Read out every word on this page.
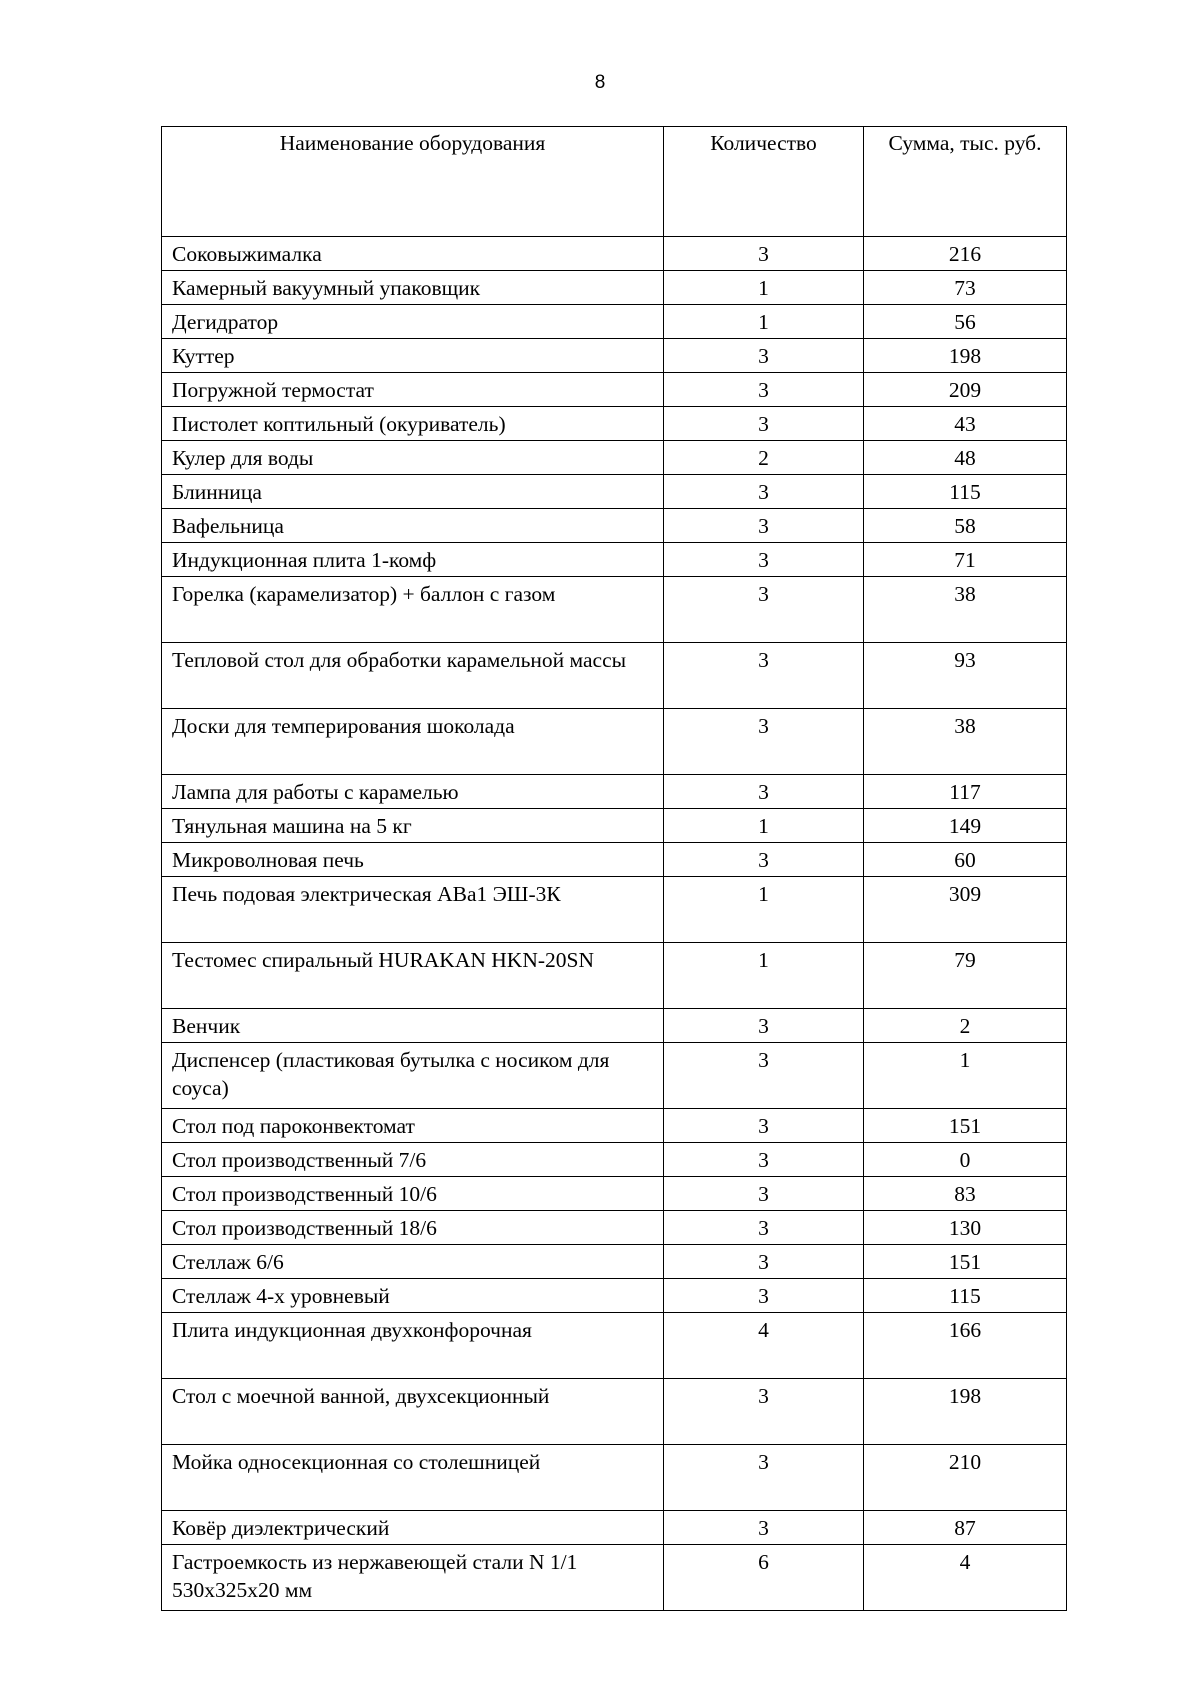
8
Наименование оборудования	Количество	Сумма, тыс. руб.
Соковыжималка	3	216
Камерный вакуумный упаковщик	1	73
Дегидратор	1	56
Куттер	3	198
Погружной термостат	3	209
Пистолет коптильный (окуриватель)	3	43
Кулер для воды	2	48
Блинница	3	115
Вафельница	3	58
Индукционная плита 1-комф	3	71
Горелка (карамелизатор) + баллон с газом	3	38
Тепловой стол для обработки карамельной массы	3	93
Доски для темперирования шоколада	3	38
Лампа для работы с карамелью	3	117
Тянульная машина на 5 кг	1	149
Микроволновая печь	3	60
Печь подовая электрическая ABa1 ЭШ-3К	1	309
Тестомес спиральный HURAKAN HKN-20SN	1	79
Венчик	3	2
Диспенсер (пластиковая бутылка с носиком для соуса)	3	1
Стол под пароконвектомат	3	151
Стол производственный 7/6	3	0
Стол производственный 10/6	3	83
Стол производственный 18/6	3	130
Стеллаж 6/6	3	151
Стеллаж 4-х уровневый	3	115
Плита индукционная двухконфорочная	4	166
Стол с моечной ванной, двухсекционный	3	198
Мойка односекционная со столешницей	3	210
Ковёр диэлектрический	3	87
Гастроемкость из нержавеющей стали N 1/1 530x325x20 мм	6	4
